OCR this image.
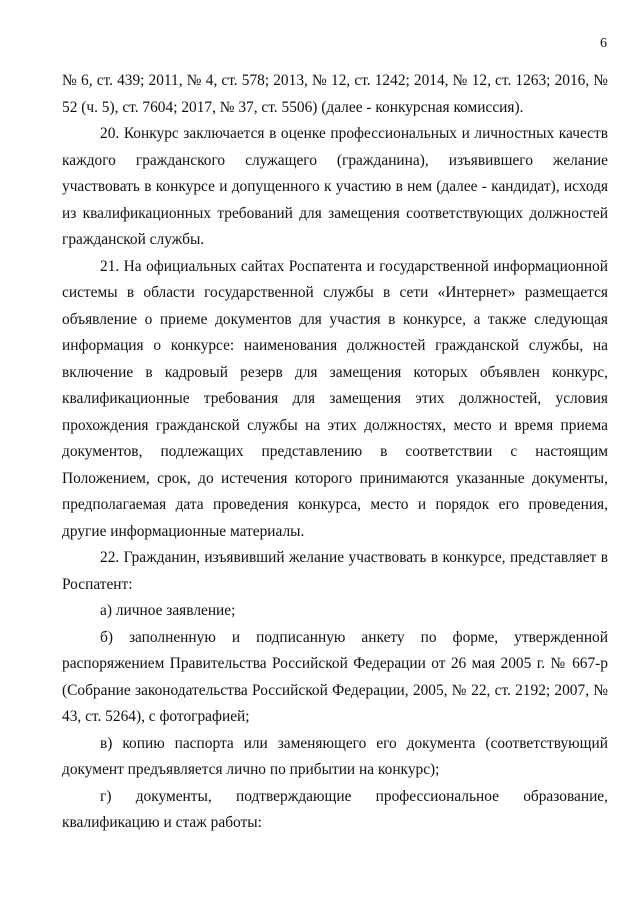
6

№ 6, ст. 439; 2011, № 4, ст. 578; 2013, № 12, ст. 1242; 2014, № 12, ст. 1263; 2016, № 52 (ч. 5), ст. 7604; 2017, № 37, ст. 5506) (далее - конкурсная комиссия).

20. Конкурс заключается в оценке профессиональных и личностных качеств каждого гражданского служащего (гражданина), изъявившего желание участвовать в конкурсе и допущенного к участию в нем (далее - кандидат), исходя из квалификационных требований для замещения соответствующих должностей гражданской службы.

21. На официальных сайтах Роспатента и государственной информационной системы в области государственной службы в сети «Интернет» размещается объявление о приеме документов для участия в конкурсе, а также следующая информация о конкурсе: наименования должностей гражданской службы, на включение в кадровый резерв для замещения которых объявлен конкурс, квалификационные требования для замещения этих должностей, условия прохождения гражданской службы на этих должностях, место и время приема документов, подлежащих представлению в соответствии с настоящим Положением, срок, до истечения которого принимаются указанные документы, предполагаемая дата проведения конкурса, место и порядок его проведения, другие информационные материалы.

22. Гражданин, изъявивший желание участвовать в конкурсе, представляет в Роспатент:

а) личное заявление;

б) заполненную и подписанную анкету по форме, утвержденной распоряжением Правительства Российской Федерации от 26 мая 2005 г. № 667-р (Собрание законодательства Российской Федерации, 2005, № 22, ст. 2192; 2007, № 43, ст. 5264), с фотографией;

в) копию паспорта или заменяющего его документа (соответствующий документ предъявляется лично по прибытии на конкурс);

г) документы, подтверждающие профессиональное образование, квалификацию и стаж работы:
